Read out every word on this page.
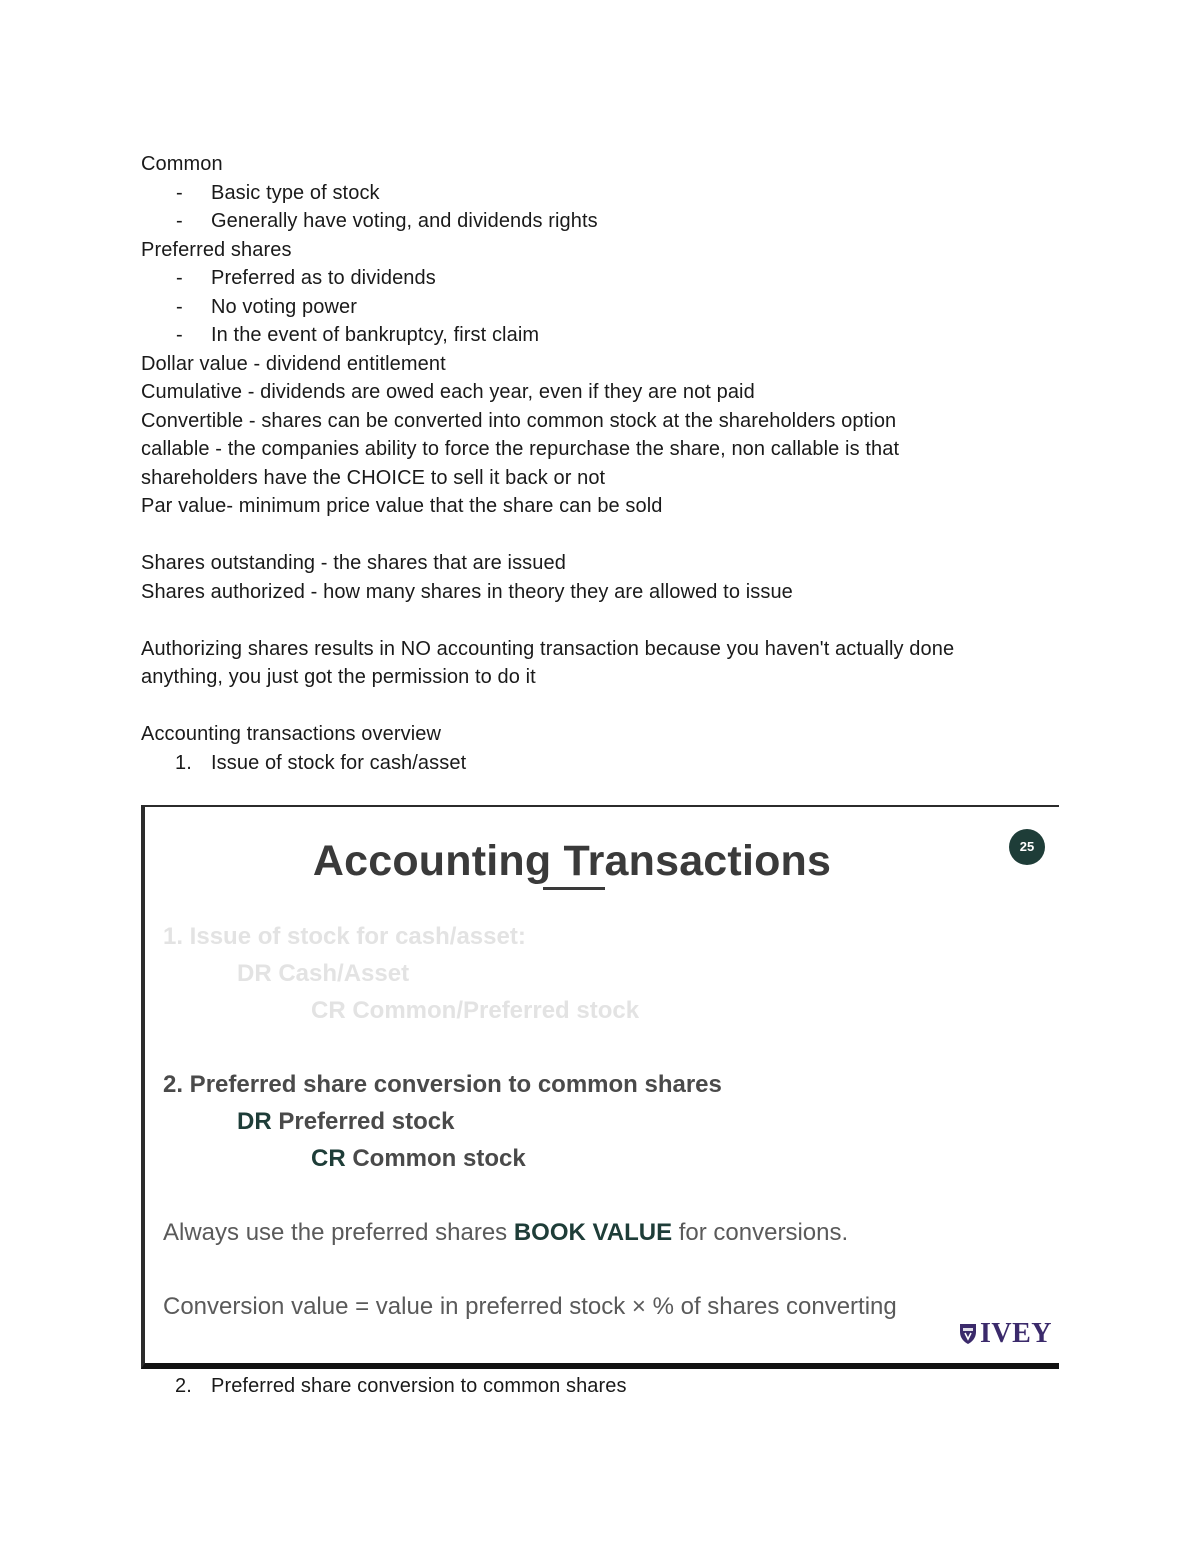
Common

- Basic type of stock
- Generally have voting, and dividends rights

Preferred shares

- Preferred as to dividends
- No voting power
- In the event of bankruptcy, first claim

Dollar value - dividend entitlement

Cumulative - dividends are owed each year, even if they are not paid

Convertible - shares can be converted into common stock at the shareholders option

callable - the companies ability to force the repurchase the share, non callable is that

shareholders have the CHOICE to sell it back or not

Par value- minimum price value that the share can be sold

Shares outstanding - the shares that are issued

Shares authorized - how many shares in theory they are allowed to issue

Authorizing shares results in NO accounting transaction because you haven't actually done

anything, you just got the permission to do it

Accounting transactions overview

1. Issue of stock for cash/asset
Accounting Transactions	25
1. Issue of stock for cash/asset:
DR Cash/Asset
CR Common/Preferred stock
2. Preferred share conversion to common shares
DR Preferred stock
CR Common stock
Always use the preferred shares BOOK VALUE for conversions.
Conversion value = value in preferred stock × % of shares converting
IVEY
2. Preferred share conversion to common shares
